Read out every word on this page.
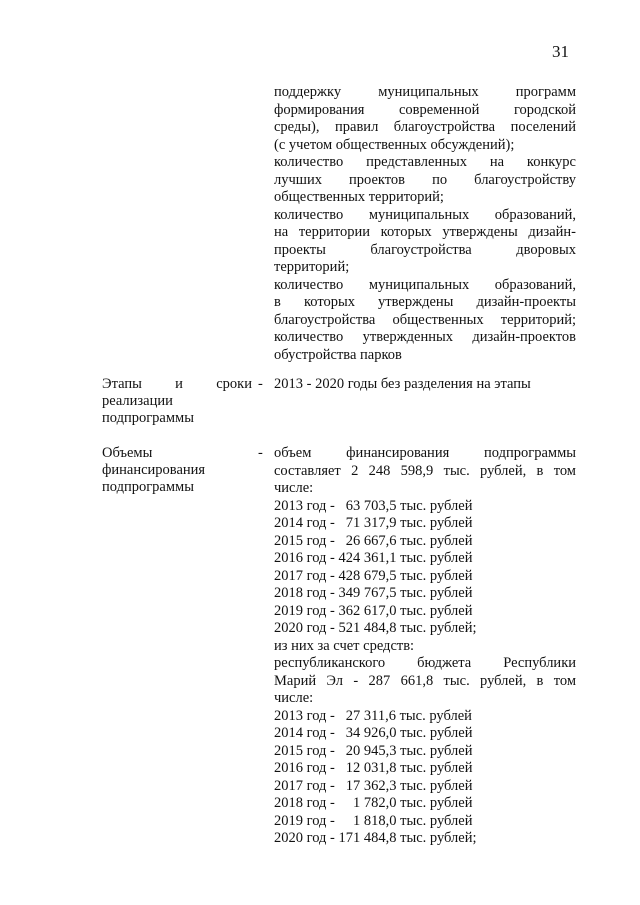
31
поддержку муниципальных программ
формирования современной городской
среды), правил благоустройства поселений
(с учетом общественных обсуждений);
количество представленных на конкурс
лучших проектов по благоустройству
общественных территорий;
количество муниципальных образований,
на территории которых утверждены дизайн-
проекты благоустройства дворовых
территорий;
количество муниципальных образований,
в которых утверждены дизайн-проекты
благоустройства общественных территорий;
количество утвержденных дизайн-проектов
обустройства парков
Этапы и сроки
реализации
подпрограммы
- 2013 - 2020 годы без разделения на этапы
Объемы
финансирования
подпрограммы
- объем финансирования подпрограммы
составляет 2 248 598,9 тыс. рублей, в том
числе:
2013 год -   63 703,5 тыс. рублей
2014 год -   71 317,9 тыс. рублей
2015 год -   26 667,6 тыс. рублей
2016 год - 424 361,1 тыс. рублей
2017 год - 428 679,5 тыс. рублей
2018 год - 349 767,5 тыс. рублей
2019 год - 362 617,0 тыс. рублей
2020 год - 521 484,8 тыс. рублей;
из них за счет средств:
республиканского бюджета Республики
Марий Эл - 287 661,8 тыс. рублей, в том
числе:
2013 год -   27 311,6 тыс. рублей
2014 год -   34 926,0 тыс. рублей
2015 год -   20 945,3 тыс. рублей
2016 год -   12 031,8 тыс. рублей
2017 год -   17 362,3 тыс. рублей
2018 год -     1 782,0 тыс. рублей
2019 год -     1 818,0 тыс. рублей
2020 год - 171 484,8 тыс. рублей;
